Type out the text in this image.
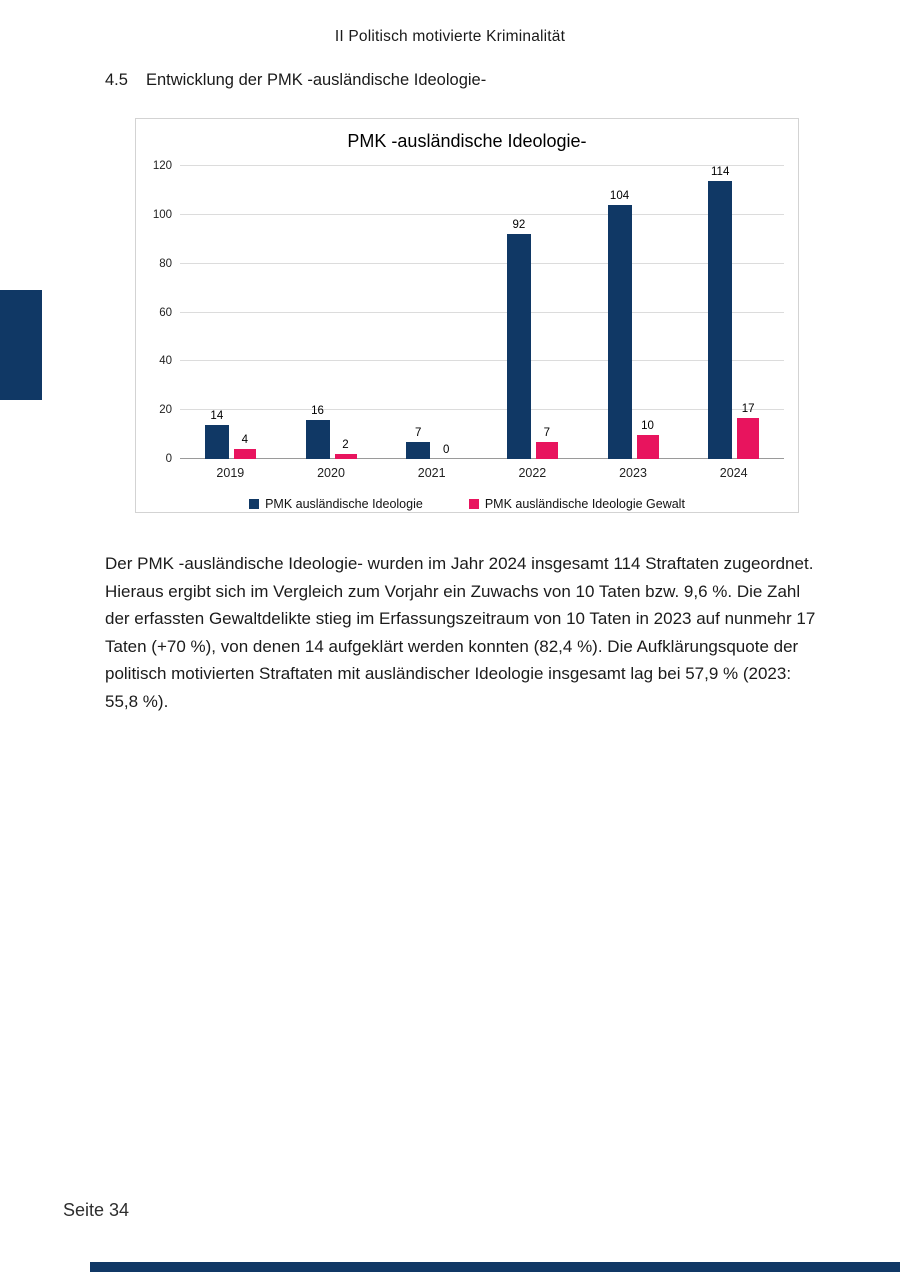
II Politisch motivierte Kriminalität
4.5 Entwicklung der PMK -ausländische Ideologie-
PMK -ausländische Ideologie-
0
20
40
60
80
100
120
14
4
16
2
7
0
92
7
104
10
114
17
2019	2020	2021	2022	2023	2024
PMK ausländische Ideologie	PMK ausländische Ideologie Gewalt

Der PMK -ausländische Ideologie- wurden im Jahr 2024 insgesamt 114 Straftaten zugeordnet. Hieraus ergibt sich im Vergleich zum Vorjahr ein Zuwachs von 10 Taten bzw. 9,6 %. Die Zahl der erfassten Gewaltdelikte stieg im Erfassungszeitraum von 10 Taten in 2023 auf nunmehr 17 Taten (+70 %), von denen 14 aufgeklärt werden konnten (82,4 %). Die Aufklärungsquote der politisch motivierten Straftaten mit ausländischer Ideologie insgesamt lag bei 57,9 % (2023: 55,8 %).

Seite 34
